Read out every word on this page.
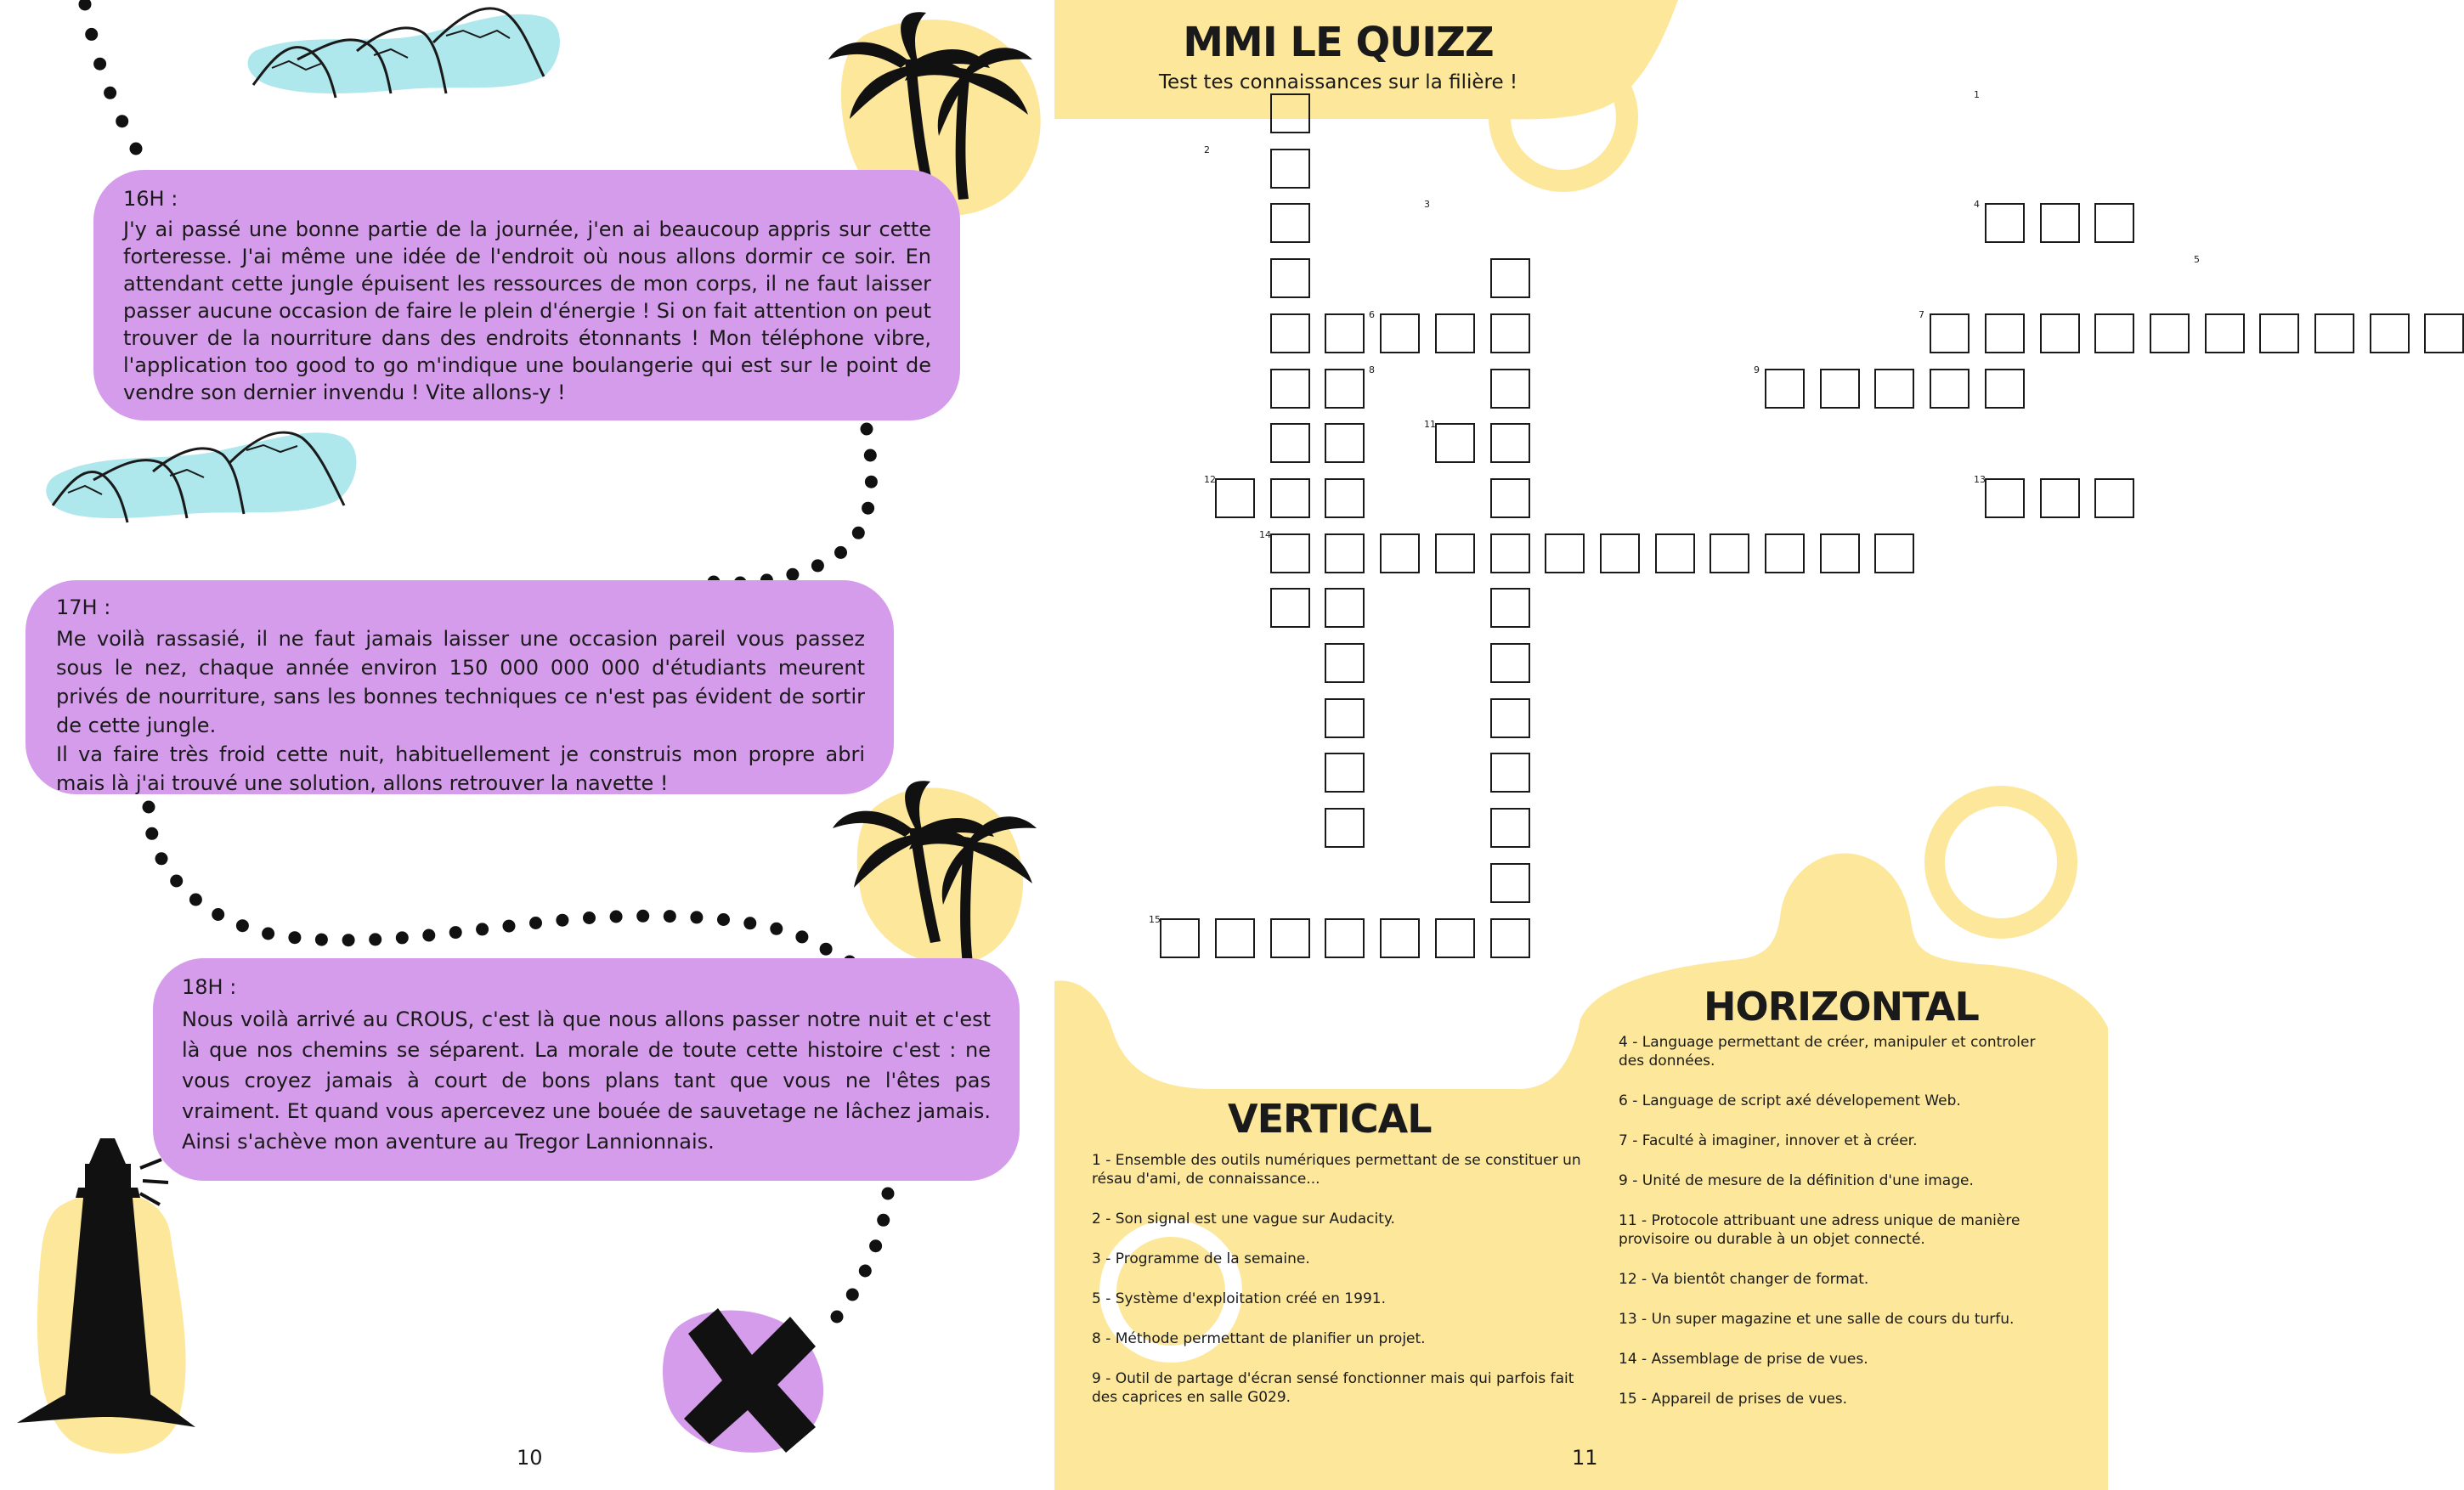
16H :

J'y ai passé une bonne partie de la journée, j'en ai beaucoup appris sur cette forteresse. J'ai même une idée de l'endroit où nous allons dormir ce soir. En attendant cette jungle épuisent les ressources de mon corps, il ne faut laisser passer aucune occasion de faire le plein d'énergie ! Si on fait attention on peut trouver de la nourriture dans des endroits étonnants ! Mon téléphone vibre, l'application too good to go m'indique une boulangerie qui est sur le point de vendre son dernier invendu ! Vite allons-y !

17H :

Me voilà rassasié, il ne faut jamais laisser une occasion pareil vous passez sous le nez, chaque année environ 150 000 000 000 d'étudiants meurent privés de nourriture, sans les bonnes techniques ce n'est pas évident de sortir de cette jungle.
Il va faire très froid cette nuit, habituellement je construis mon propre abri mais là j'ai trouvé une solution, allons retrouver la navette !

18H :

Nous voilà arrivé au CROUS, c'est là que nous allons passer notre nuit et c'est là que nos chemins se séparent. La morale de toute cette histoire c'est : ne vous croyez jamais à court de bons plans tant que vous ne l'êtes pas vraiment. Et quand vous apercevez une bouée de sauvetage ne lâchez jamais. Ainsi s'achève mon aventure au Tregor Lannionnais.

10
MMI LE QUIZZ
Test tes connaissances sur la filière !
1
2
3	4
5
6	7
8	9
11
12	13
14
15
HORIZONTAL
4 - Language permettant de créer, manipuler et controler des données.
6 - Language de script axé dévelopement Web.
7 - Faculté à imaginer, innover et à créer.
9 - Unité de mesure de la définition d'une image.
11 - Protocole attribuant une adress unique de manière provisoire ou durable à un objet connecté.
12 - Va bientôt changer de format.
13 - Un super magazine et une salle de cours du turfu.
14 - Assemblage de prise de vues.
15 - Appareil de prises de vues.
VERTICAL
1 - Ensemble des outils numériques permettant de se constituer un résau d'ami, de connaissance...
2 - Son signal est une vague sur Audacity.
3 - Programme de la semaine.
5 - Système d'exploitation créé en 1991.
8 - Méthode permettant de planifier un projet.
9 - Outil de partage d'écran sensé fonctionner mais qui parfois fait des caprices en salle G029.
11
